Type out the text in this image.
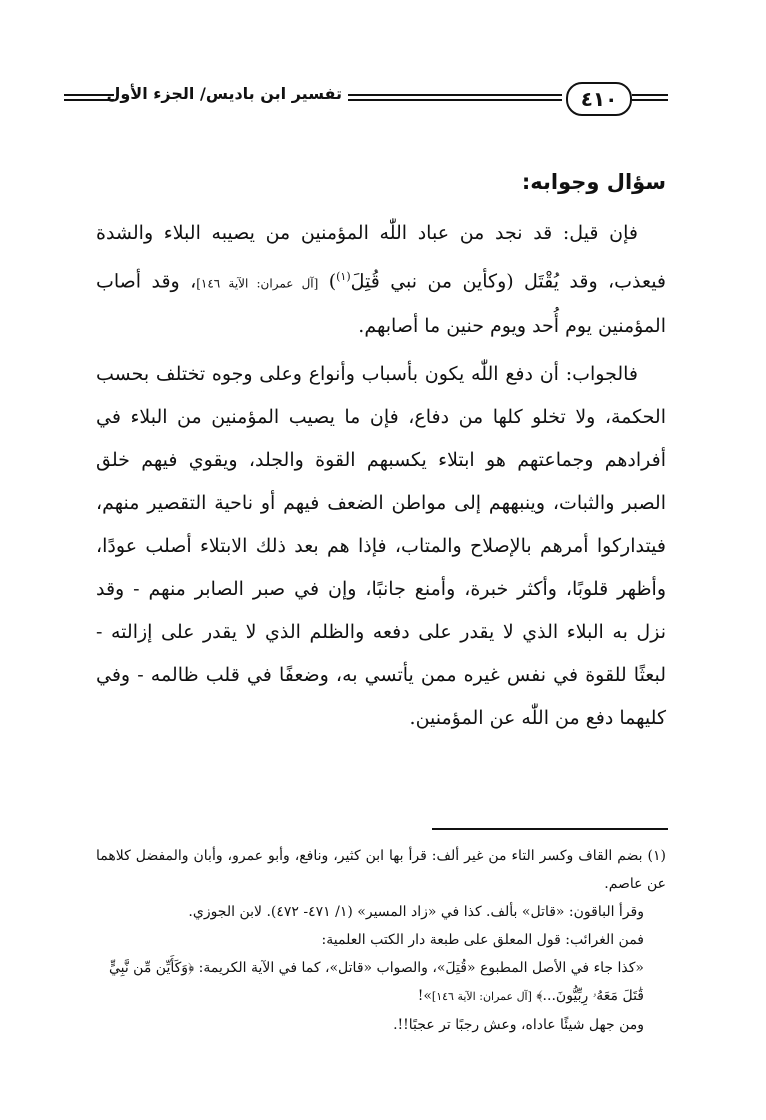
٤١٠
تفسير ابن باديس/ الجزء الأول
سؤال وجوابه:

فإن قيل: قد نجد من عباد اللّٰه المؤمنين من يصيبه البلاء والشدة فيعذب، وقد يُقْتَل (وكأين من نبي قُتِلَ$^{(١)}$) [آل عمران: الآية ١٤٦]، وقد أصاب المؤمنين يوم أُحد ويوم حنين ما أصابهم.

فالجواب: أن دفع اللّٰه يكون بأسباب وأنواع وعلى وجوه تختلف بحسب الحكمة، ولا تخلو كلها من دفاع، فإن ما يصيب المؤمنين من البلاء في أفرادهم وجماعتهم هو ابتلاء يكسبهم القوة والجلد، ويقوي فيهم خلق الصبر والثبات، وينبههم إلى مواطن الضعف فيهم أو ناحية التقصير منهم، فيتداركوا أمرهم بالإصلاح والمتاب، فإذا هم بعد ذلك الابتلاء أصلب عودًا، وأظهر قلوبًا، وأكثر خبرة، وأمنع جانبًا، وإن في صبر الصابر منهم - وقد نزل به البلاء الذي لا يقدر على دفعه والظلم الذي لا يقدر على إزالته - لبعثًا للقوة في نفس غيره ممن يأتسي به، وضعفًا في قلب ظالمه - وفي كليهما دفع من اللّٰه عن المؤمنين.

(١) بضم القاف وكسر التاء من غير ألف: قرأ بها ابن كثير، ونافع، وأبو عمرو، وأبان والمفضل كلاهما عن عاصم.

وقرأ الباقون: «قاتل» بألف. كذا في «زاد المسير» (١/ ٤٧١- ٤٧٢). لابن الجوزي.

فمن الغرائب: قول المعلق على طبعة دار الكتب العلمية:

«كذا جاء في الأصل المطبوع «قُتِلَ»، والصواب «قاتل»، كما في الآية الكريمة: ﴿وَكَأَيِّن مِّن نَّبِيٍّ قَٰتَلَ مَعَهُۥ رِبِّيُّونَ...﴾ [آل عمران: الآية ١٤٦]»!

ومن جهل شيئًا عاداه، وعش رجبًا تر عجبًا!!.
